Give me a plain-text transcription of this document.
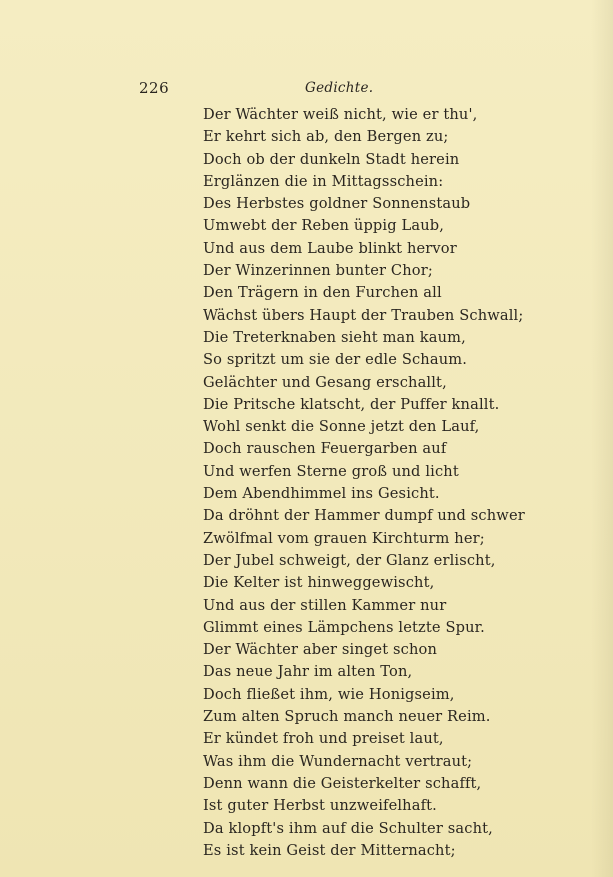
226	Gedichte.
Der Wächter weiß nicht, wie er thu',
Er kehrt sich ab, den Bergen zu;
Doch ob der dunkeln Stadt herein
Erglänzen die in Mittagsschein:
Des Herbstes goldner Sonnenstaub
Umwebt der Reben üppig Laub,
Und aus dem Laube blinkt hervor
Der Winzerinnen bunter Chor;
Den Trägern in den Furchen all
Wächst übers Haupt der Trauben Schwall;
Die Treterknaben sieht man kaum,
So spritzt um sie der edle Schaum.
Gelächter und Gesang erschallt,
Die Pritsche klatscht, der Puffer knallt.
Wohl senkt die Sonne jetzt den Lauf,
Doch rauschen Feuergarben auf
Und werfen Sterne groß und licht
Dem Abendhimmel ins Gesicht.
Da dröhnt der Hammer dumpf und schwer
Zwölfmal vom grauen Kirchturm her;
Der Jubel schweigt, der Glanz erlischt,
Die Kelter ist hinweggewischt,
Und aus der stillen Kammer nur
Glimmt eines Lämpchens letzte Spur.
Der Wächter aber singet schon
Das neue Jahr im alten Ton,
Doch fließet ihm, wie Honigseim,
Zum alten Spruch manch neuer Reim.
Er kündet froh und preiset laut,
Was ihm die Wundernacht vertraut;
Denn wann die Geisterkelter schafft,
Ist guter Herbst unzweifelhaft.
Da klopft's ihm auf die Schulter sacht,
Es ist kein Geist der Mitternacht;
